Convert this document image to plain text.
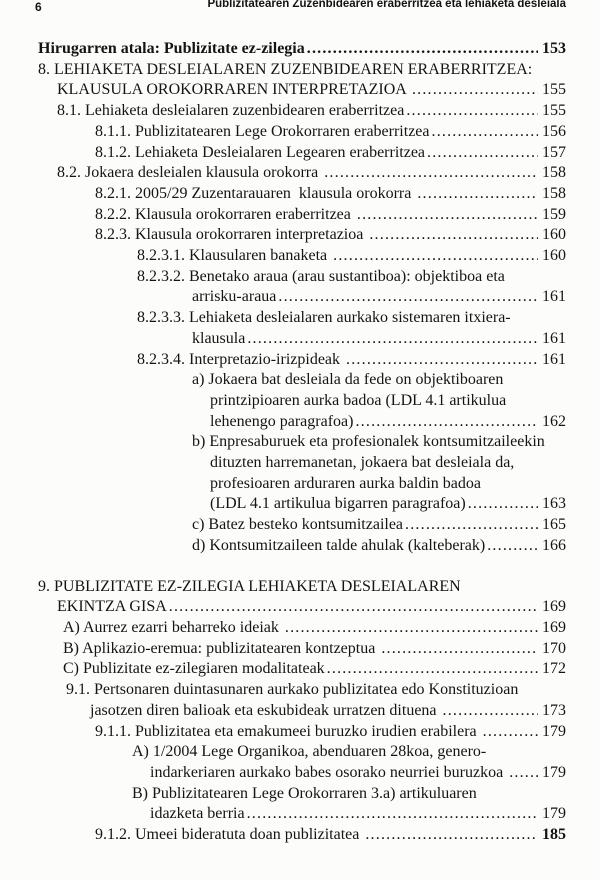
6	Publizitatearen Zuzenbidearen eraberritzea eta lehiaketa desleiala
Hirugarren atala: Publizitate ez-zilegia .....	153
8. LEHIAKETA DESLEIALAREN ZUZENBIDEAREN ERABERRITZEA:
KLAUSULA OROKORRAREN INTERPRETAZIOA .....	155
8.1. Lehiaketa desleialaren zuzenbidearen eraberritzea .....	155
8.1.1. Publizitatearen Lege Orokorraren eraberritzea .....	156
8.1.2. Lehiaketa Desleialaren Legearen eraberritzea .....	157
8.2. Jokaera desleialen klausula orokorra .....	158
8.2.1. 2005/29 Zuzentarauaren  klausula orokorra .....	158
8.2.2. Klausula orokorraren eraberritzea .....	159
8.2.3. Klausula orokorraren interpretazioa .....	160
8.2.3.1. Klausularen banaketa .....	160
8.2.3.2. Benetako araua (arau sustantiboa): objektiboa eta
arrisku-araua .....	161
8.2.3.3. Lehiaketa desleialaren aurkako sistemaren itxiera-
klausula .....	161
8.2.3.4. Interpretazio-irizpideak .....	161
a) Jokaera bat desleiala da fede on objektiboaren
printzipioaren aurka badoa (LDL 4.1 artikulua
lehenengo paragrafoa) .....	162
b) Enpresaburuek eta profesionalek kontsumitzaileekin
dituzten harremanetan, jokaera bat desleiala da,
profesioaren arduraren aurka baldin badoa
(LDL 4.1 artikulua bigarren paragrafoa) .....	163
c) Batez besteko kontsumitzailea .....	165
d) Kontsumitzaileen talde ahulak (kalteberak) .....	166
9. PUBLIZITATE EZ-ZILEGIA LEHIAKETA DESLEIALAREN
EKINTZA GISA .....	169
A) Aurrez ezarri beharreko ideiak .....	169
B) Aplikazio-eremua: publizitatearen kontzeptua .....	170
C) Publizitate ez-zilegiaren modalitateak .....	172
9.1. Pertsonaren duintasunaren aurkako publizitatea edo Konstituzioan
jasotzen diren balioak eta eskubideak urratzen dituena .....	173
9.1.1. Publizitatea eta emakumeei buruzko irudien erabilera .....	179
A) 1/2004 Lege Organikoa, abenduaren 28koa, genero-
indarkeriaren aurkako babes osorako neurriei buruzkoa ..... 179
B) Publizitatearen Lege Orokorraren 3.a) artikuluaren
idazketa berria .....	179
9.1.2. Umeei bideratuta doan publizitatea .....	185
